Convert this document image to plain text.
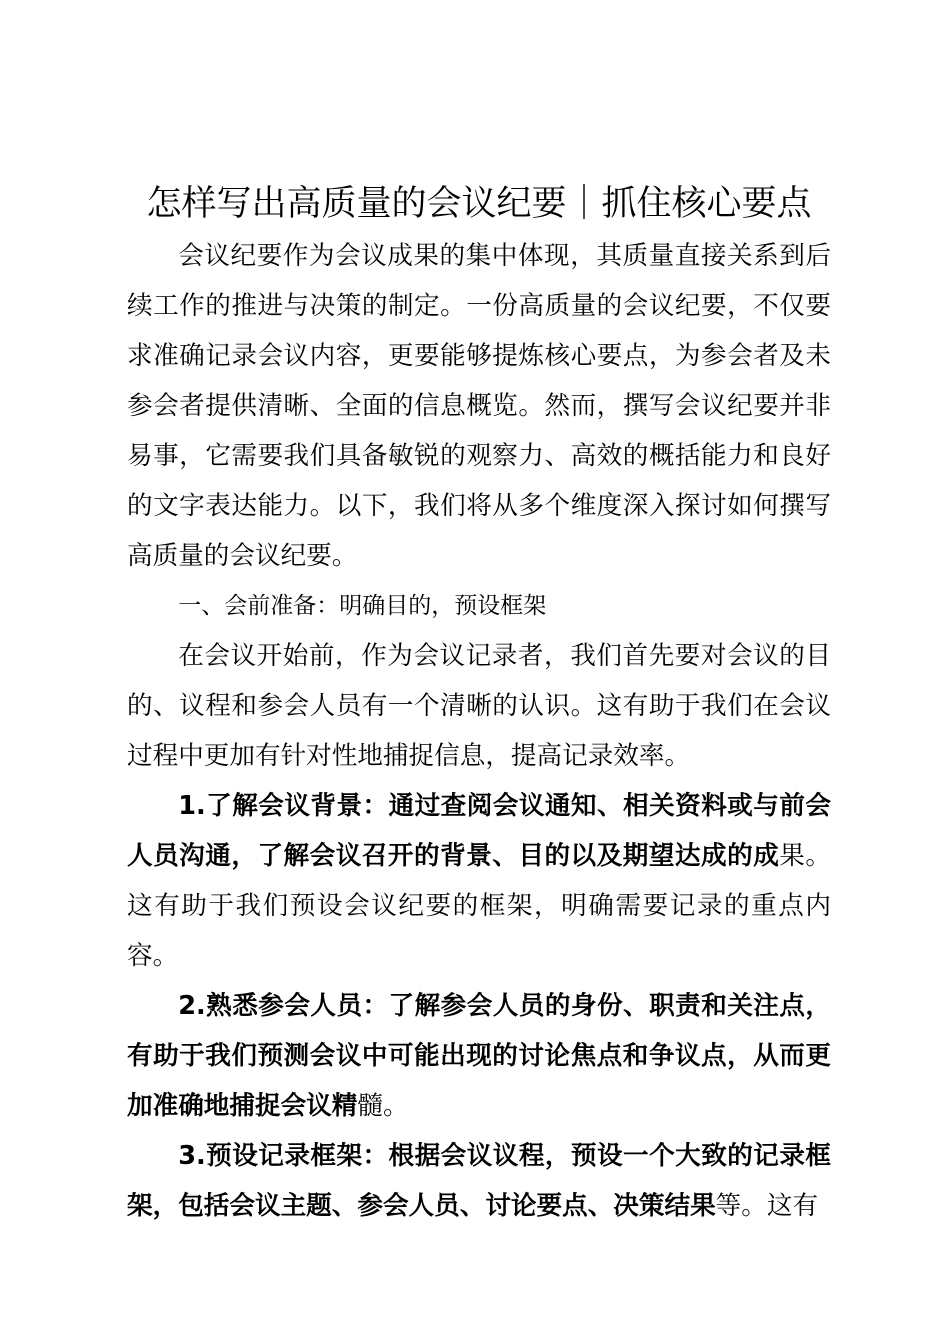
怎样写出高质量的会议纪要｜抓住核心要点

会议纪要作为会议成果的集中体现，其质量直接关系到后续工作的推进与决策的制定。一份高质量的会议纪要，不仅要求准确记录会议内容，更要能够提炼核心要点，为参会者及未参会者提供清晰、全面的信息概览。然而，撰写会议纪要并非易事，它需要我们具备敏锐的观察力、高效的概括能力和良好的文字表达能力。以下，我们将从多个维度深入探讨如何撰写高质量的会议纪要。

一、会前准备：明确目的，预设框架

在会议开始前，作为会议记录者，我们首先要对会议的目的、议程和参会人员有一个清晰的认识。这有助于我们在会议过程中更加有针对性地捕捉信息，提高记录效率。

1.了解会议背景：通过查阅会议通知、相关资料或与前会人员沟通，了解会议召开的背景、目的以及期望达成的成果。这有助于我们预设会议纪要的框架，明确需要记录的重点内容。

2.熟悉参会人员：了解参会人员的身份、职责和关注点，有助于我们预测会议中可能出现的讨论焦点和争议点，从而更加准确地捕捉会议精髓。

3.预设记录框架：根据会议议程，预设一个大致的记录框架，包括会议主题、参会人员、讨论要点、决策结果等。这有
